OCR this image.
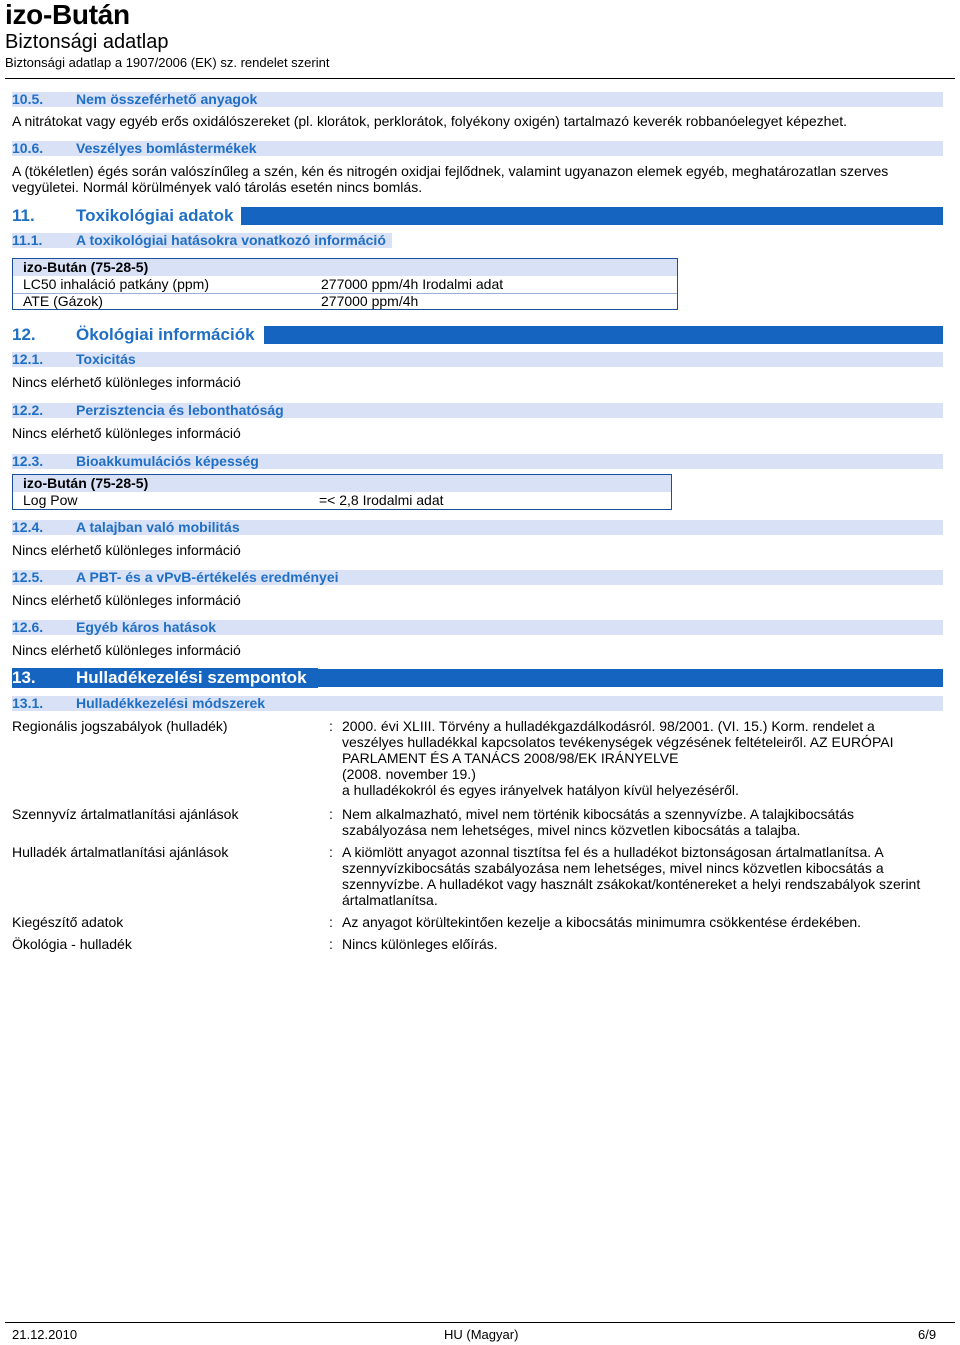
izo-Bután
Biztonsági adatlap
Biztonsági adatlap a 1907/2006 (EK) sz. rendelet szerint
10.5. Nem összeférhető anyagok
A nitrátokat vagy egyéb erős oxidálószereket (pl. klorátok, perklorátok, folyékony oxigén) tartalmazó keverék robbanóelegyet képezhet.
10.6. Veszélyes bomlástermékek
A (tökéletlen) égés során valószínűleg a szén, kén és nitrogén oxidjai fejlődnek, valamint ugyanazon elemek egyéb, meghatározatlan szerves vegyületei. Normál körülmények való tárolás esetén nincs bomlás.
11. Toxikológiai adatok
11.1. A toxikológiai hatásokra vonatkozó információ
izo-Bután (75-28-5)
LC50 inhaláció patkány (ppm)	277000 ppm/4h Irodalmi adat
ATE (Gázok)	277000 ppm/4h
12. Ökológiai információk
12.1. Toxicitás
Nincs elérhető különleges információ
12.2. Perzisztencia és lebonthatóság
Nincs elérhető különleges információ
12.3. Bioakkumulációs képesség
izo-Bután (75-28-5)
Log Pow	=< 2,8 Irodalmi adat
12.4. A talajban való mobilitás
Nincs elérhető különleges információ
12.5. A PBT- és a vPvB-értékelés eredményei
Nincs elérhető különleges információ
12.6. Egyéb káros hatások
Nincs elérhető különleges információ
13. Hulladékezelési szempontok
13.1. Hulladékkezelési módszerek
Regionális jogszabályok (hulladék)	: 2000. évi XLIII. Törvény a hulladékgazdálkodásról. 98/2001. (VI. 15.) Korm. rendelet a
veszélyes hulladékkal kapcsolatos tevékenységek végzésének feltételeiről. AZ EURÓPAI
PARLAMENT ÉS A TANÁCS 2008/98/EK IRÁNYELVE
(2008. november 19.)
a hulladékokról és egyes irányelvek hatályon kívül helyezéséről.
Szennyvíz ártalmatlanítási ajánlások	: Nem alkalmazható, mivel nem történik kibocsátás a szennyvízbe. A talajkibocsátás
szabályozása nem lehetséges, mivel nincs közvetlen kibocsátás a talajba.
Hulladék ártalmatlanítási ajánlások	: A kiömlött anyagot azonnal tisztítsa fel és a hulladékot biztonságosan ártalmatlanítsa. A
szennyvízkibocsátás szabályozása nem lehetséges, mivel nincs közvetlen kibocsátás a
szennyvízbe. A hulladékot vagy használt zsákokat/konténereket a helyi rendszabályok szerint
ártalmatlanítsa.
Kiegészítő adatok	: Az anyagot körültekintően kezelje a kibocsátás minimumra csökkentése érdekében.
Ökológia - hulladék	: Nincs különleges előírás.
21.12.2010	HU (Magyar)	6/9
